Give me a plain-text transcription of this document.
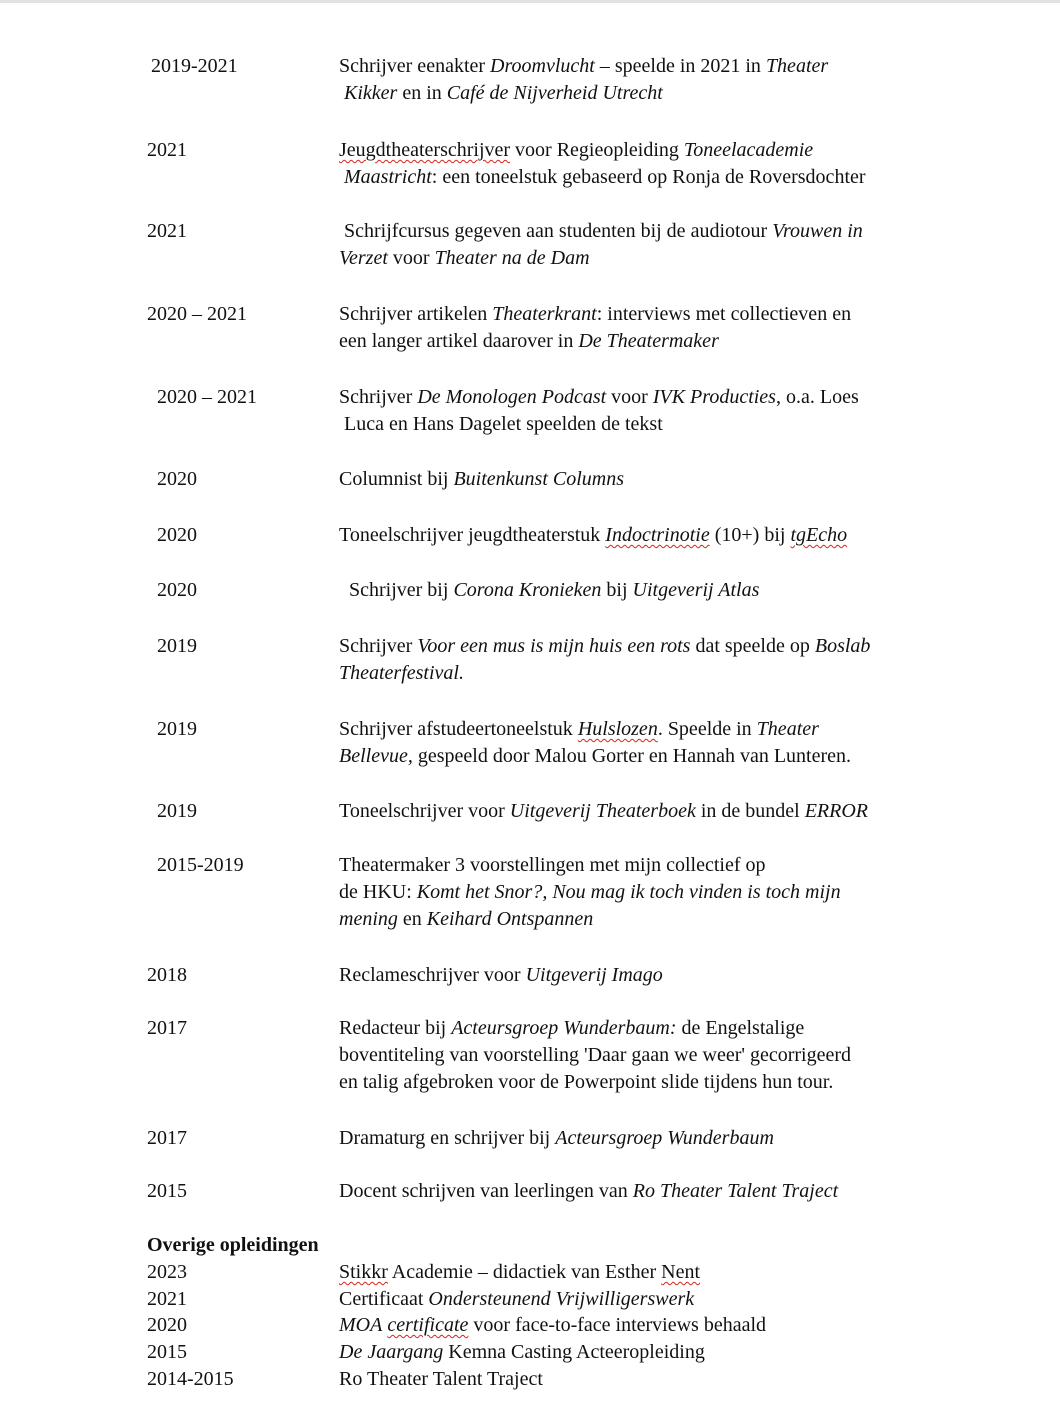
2019-2021	Schrijver eenakter Droomvlucht – speelde in 2021 in Theater
Kikker en in Café de Nijverheid Utrecht
2021	Jeugdtheaterschrijver voor Regieopleiding Toneelacademie
Maastricht: een toneelstuk gebaseerd op Ronja de Roversdochter
2021	Schrijfcursus gegeven aan studenten bij de audiotour Vrouwen in
Verzet voor Theater na de Dam
2020 – 2021	Schrijver artikelen Theaterkrant: interviews met collectieven en
een langer artikel daarover in De Theatermaker
2020 – 2021	Schrijver De Monologen Podcast voor IVK Producties, o.a. Loes
Luca en Hans Dagelet speelden de tekst
2020	Columnist bij Buitenkunst Columns
2020	Toneelschrijver jeugdtheaterstuk Indoctrinotie (10+) bij tgEcho
2020	Schrijver bij Corona Kronieken bij Uitgeverij Atlas
2019	Schrijver Voor een mus is mijn huis een rots dat speelde op Boslab
Theaterfestival.
2019	Schrijver afstudeertoneelstuk Hulslozen. Speelde in Theater
Bellevue, gespeeld door Malou Gorter en Hannah van Lunteren.
2019	Toneelschrijver voor Uitgeverij Theaterboek in de bundel ERROR
2015-2019	Theatermaker 3 voorstellingen met mijn collectief op
de HKU: Komt het Snor?, Nou mag ik toch vinden is toch mijn
mening en Keihard Ontspannen
2018	Reclameschrijver voor Uitgeverij Imago
2017	Redacteur bij Acteursgroep Wunderbaum: de Engelstalige
boventiteling van voorstelling 'Daar gaan we weer' gecorrigeerd
en talig afgebroken voor de Powerpoint slide tijdens hun tour.
2017	Dramaturg en schrijver bij Acteursgroep Wunderbaum
2015	Docent schrijven van leerlingen van Ro Theater Talent Traject
Overige opleidingen
2023	Stikkr Academie – didactiek van Esther Nent
2021	Certificaat Ondersteunend Vrijwilligerswerk
2020	MOA certificate voor face-to-face interviews behaald
2015	De Jaargang Kemna Casting Acteeropleiding
2014-2015	Ro Theater Talent Traject
